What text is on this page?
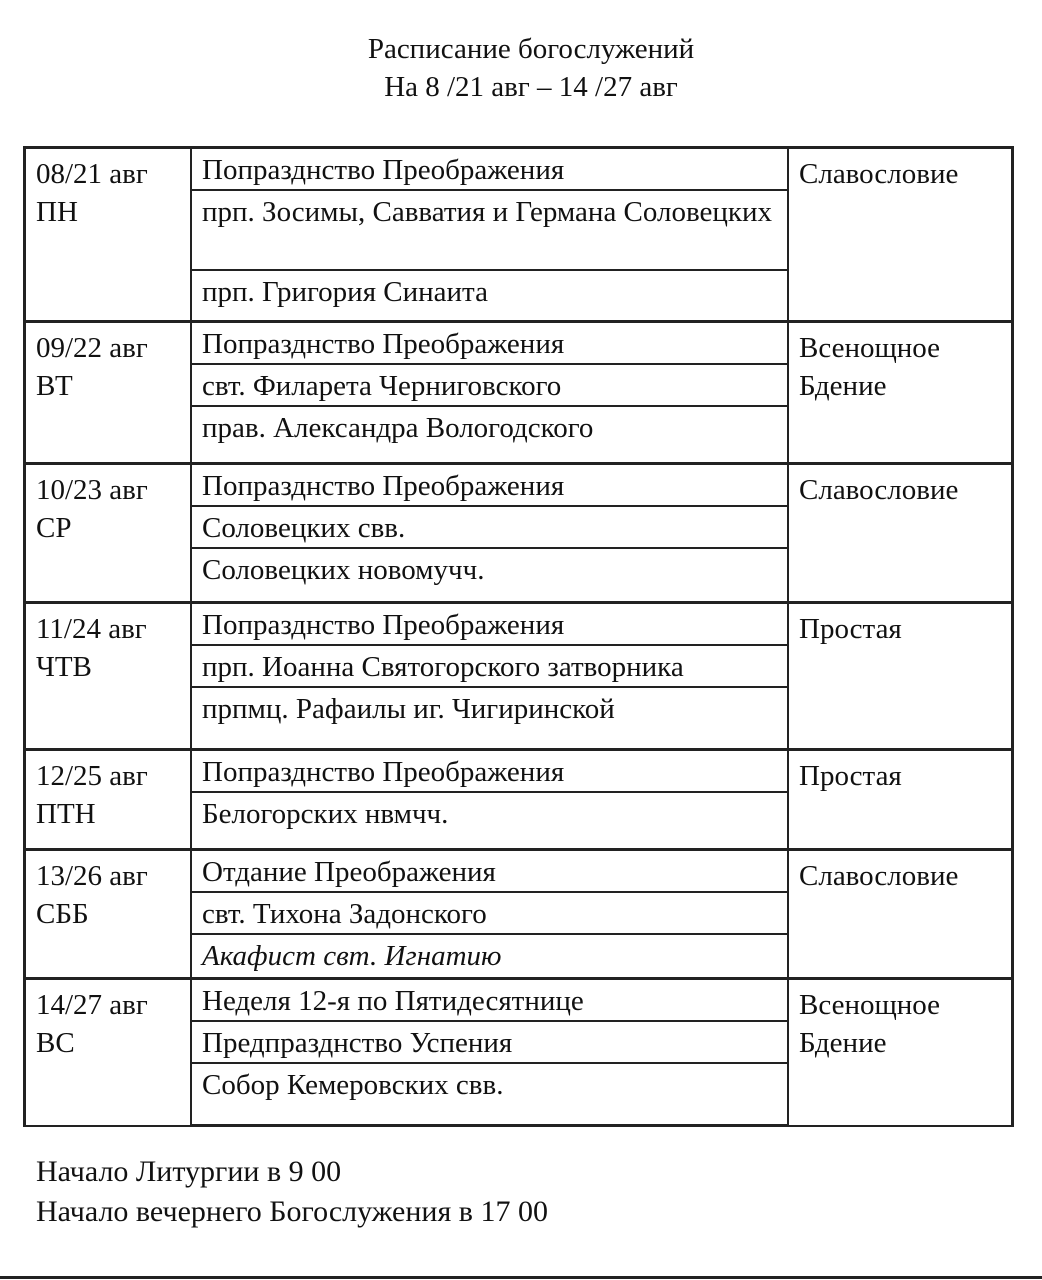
Расписание богослужений
На 8 /21 авг – 14 /27 авг
08/21 авг
ПН	Попразднство Преображения	Славословие
	прп. Зосимы, Савватия и Германа Соловецких	
	прп. Григория Синаита	

09/22 авг
ВТ	Попразднство Преображения	Всенощное Бдение
	свт. Филарета Черниговского	
	прав. Александра Вологодского	

10/23 авг
СР	Попразднство Преображения	Славословие
	Соловецких свв.	
	Соловецких новомучч.	

11/24 авг
ЧТВ	Попразднство Преображения	Простая
	прп. Иоанна Святогорского затворника	
	прпмц. Рафаилы иг. Чигиринской	

12/25 авг
ПТН	Попразднство Преображения	Простая
	Белогорских нвмчч.	

13/26 авг
СББ	Отдание Преображения	Славословие
	свт. Тихона Задонского	
	Акафист свт. Игнатию	

14/27 авг
ВС	Неделя 12-я по Пятидесятнице	Всенощное Бдение
	Предпразднство Успения	
	Собор Кемеровских свв.	
Начало Литургии в 9 00
Начало вечернего Богослужения в 17 00
